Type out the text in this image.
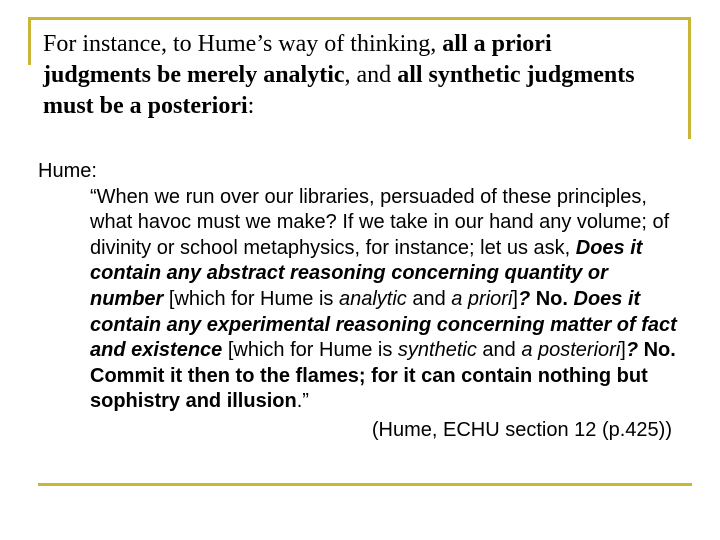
For instance, to Hume’s way of thinking, all a priori judgments be merely analytic, and all synthetic judgments must be a posteriori:

Hume:
“When we run over our libraries, persuaded of these principles, what havoc must we make? If we take in our hand any volume; of divinity or school metaphysics, for instance; let us ask, Does it contain any abstract reasoning concerning quantity or number [which for Hume is analytic and a priori]? No. Does it contain any experimental reasoning concerning matter of fact and existence [which for Hume is synthetic and a posteriori]? No. Commit it then to the flames; for it can contain nothing but sophistry and illusion.”
(Hume, ECHU section 12 (p.425))
